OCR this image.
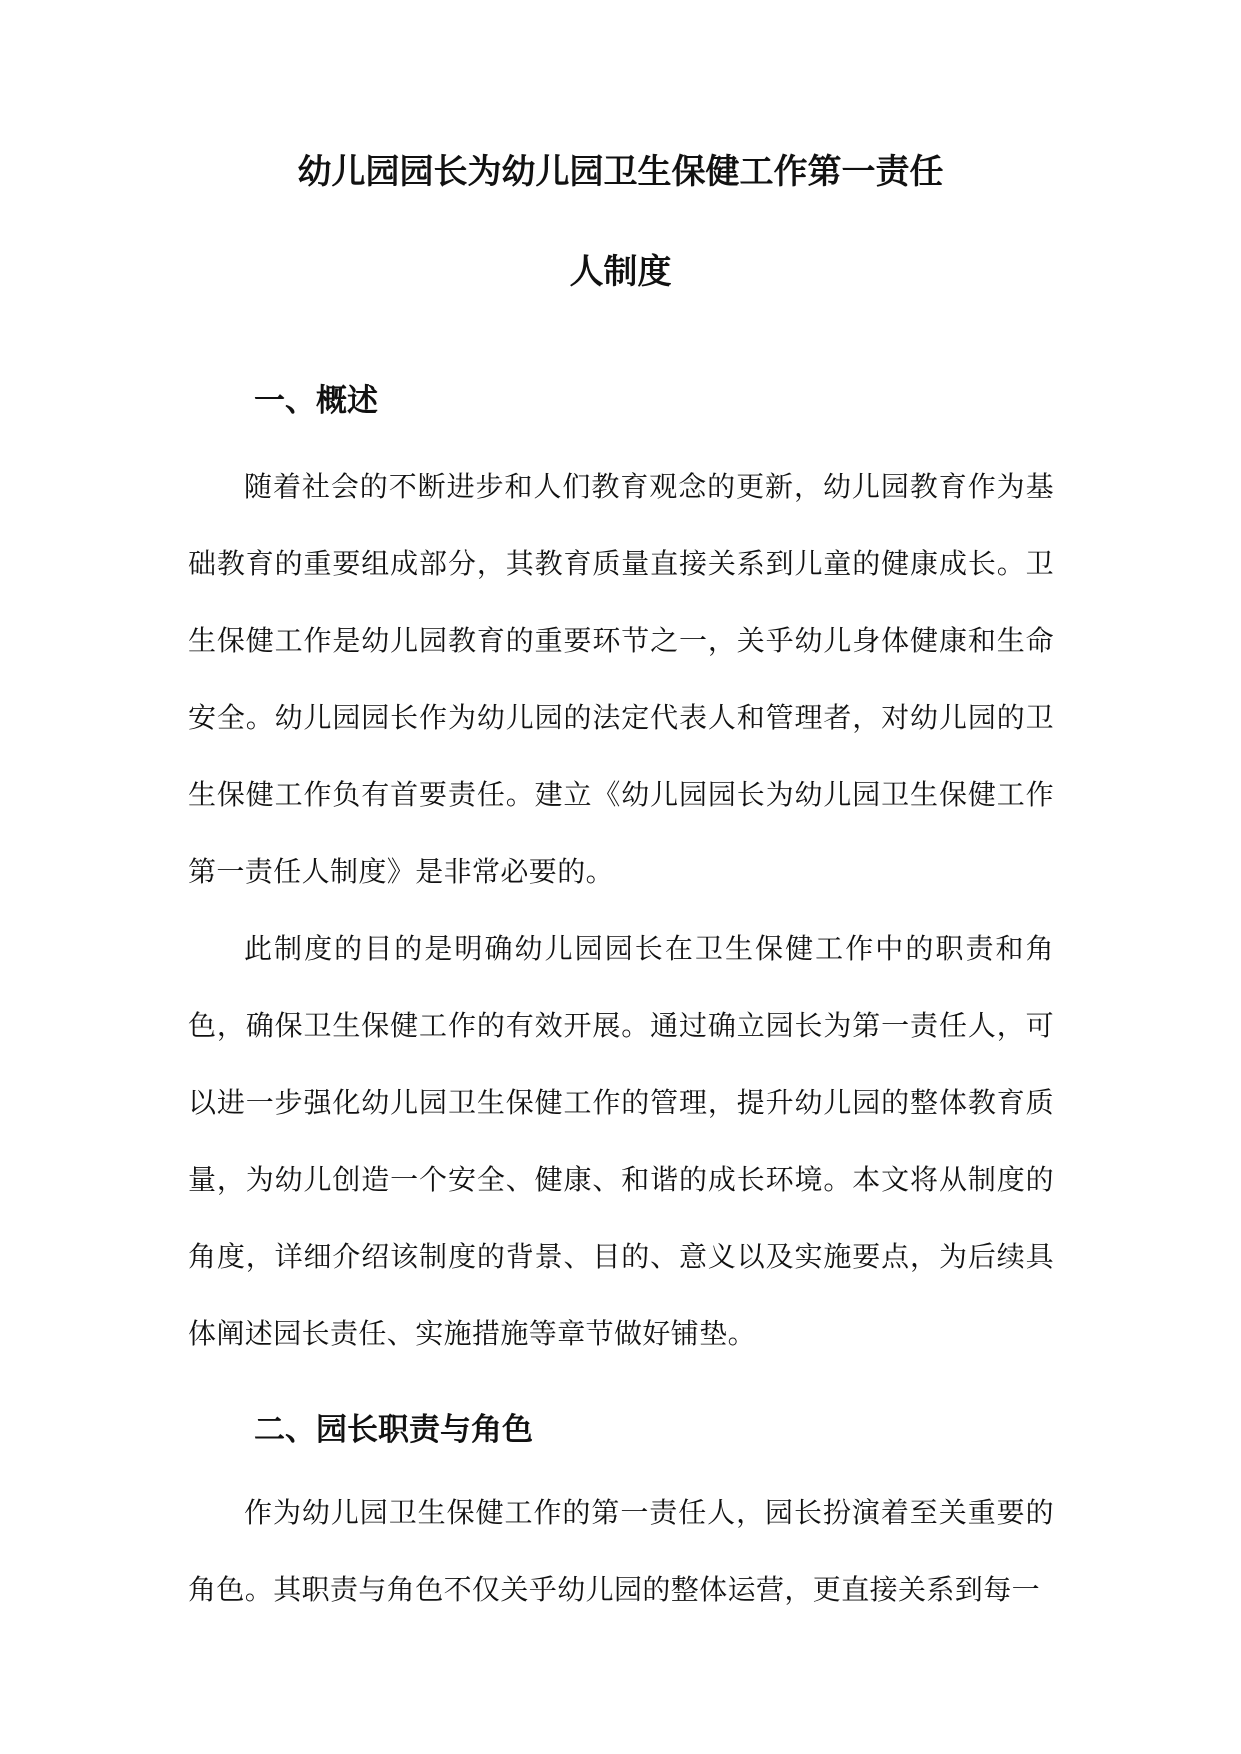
幼儿园园长为幼儿园卫生保健工作第一责任
人制度
一、概述

随着社会的不断进步和人们教育观念的更新，幼儿园教育作为基础教育的重要组成部分，其教育质量直接关系到儿童的健康成长。卫生保健工作是幼儿园教育的重要环节之一，关乎幼儿身体健康和生命安全。幼儿园园长作为幼儿园的法定代表人和管理者，对幼儿园的卫生保健工作负有首要责任。建立《幼儿园园长为幼儿园卫生保健工作第一责任人制度》是非常必要的。

此制度的目的是明确幼儿园园长在卫生保健工作中的职责和角色，确保卫生保健工作的有效开展。通过确立园长为第一责任人，可以进一步强化幼儿园卫生保健工作的管理，提升幼儿园的整体教育质量，为幼儿创造一个安全、健康、和谐的成长环境。本文将从制度的角度，详细介绍该制度的背景、目的、意义以及实施要点，为后续具体阐述园长责任、实施措施等章节做好铺垫。

二、园长职责与角色

作为幼儿园卫生保健工作的第一责任人，园长扮演着至关重要的角色。其职责与角色不仅关乎幼儿园的整体运营，更直接关系到每一
